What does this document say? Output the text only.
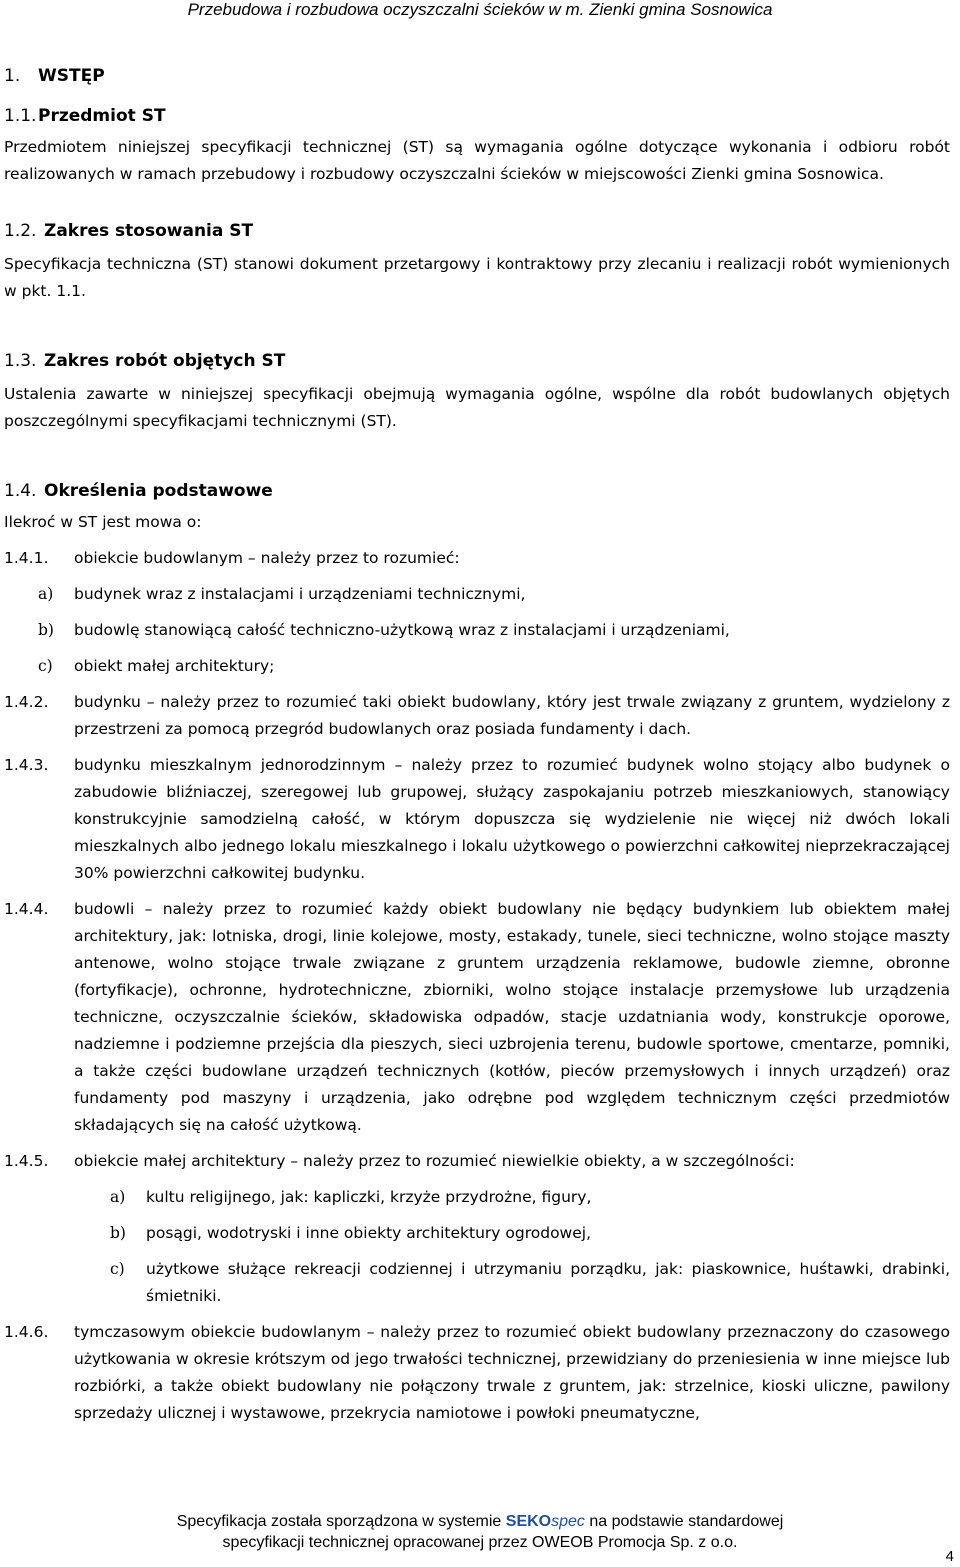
Przebudowa i rozbudowa oczyszczalni ścieków w m. Zienki gmina Sosnowica
1. WSTĘP
1.1.Przedmiot ST

Przedmiotem niniejszej specyfikacji technicznej (ST) są wymagania ogólne dotyczące wykonania i odbioru robót realizowanych w ramach przebudowy i rozbudowy oczyszczalni ścieków w miejscowości Zienki gmina Sosnowica.

1.2. Zakres stosowania ST

Specyfikacja techniczna (ST) stanowi dokument przetargowy i kontraktowy przy zlecaniu i realizacji robót wymienionych w pkt. 1.1.

1.3. Zakres robót objętych ST

Ustalenia zawarte w niniejszej specyfikacji obejmują wymagania ogólne, wspólne dla robót budowlanych objętych poszczególnymi specyfikacjami technicznymi (ST).

1.4. Określenia podstawowe

Ilekroć w ST jest mowa o:

1.4.1.	obiekcie budowlanym – należy przez to rozumieć:
a)	budynek wraz z instalacjami i urządzeniami technicznymi,
b)	budowlę stanowiącą całość techniczno-użytkową wraz z instalacjami i urządzeniami,
c)	obiekt małej architektury;
1.4.2.	budynku – należy przez to rozumieć taki obiekt budowlany, który jest trwale związany z gruntem, wydzielony z przestrzeni za pomocą przegród budowlanych oraz posiada fundamenty i dach.
1.4.3.	budynku mieszkalnym jednorodzinnym – należy przez to rozumieć budynek wolno stojący albo budynek o zabudowie bliźniaczej, szeregowej lub grupowej, służący zaspokajaniu potrzeb mieszkaniowych, stanowiący konstrukcyjnie samodzielną całość, w którym dopuszcza się wydzielenie nie więcej niż dwóch lokali mieszkalnych albo jednego lokalu mieszkalnego i lokalu użytkowego o powierzchni całkowitej nieprzekraczającej 30% powierzchni całkowitej budynku.
1.4.4.	budowli – należy przez to rozumieć każdy obiekt budowlany nie będący budynkiem lub obiektem małej architektury, jak: lotniska, drogi, linie kolejowe, mosty, estakady, tunele, sieci techniczne, wolno stojące maszty antenowe, wolno stojące trwale związane z gruntem urządzenia reklamowe, budowle ziemne, obronne (fortyfikacje), ochronne, hydrotechniczne, zbiorniki, wolno stojące instalacje przemysłowe lub urządzenia techniczne, oczyszczalnie ścieków, składowiska odpadów, stacje uzdatniania wody, konstrukcje oporowe, nadziemne i podziemne przejścia dla pieszych, sieci uzbrojenia terenu, budowle sportowe, cmentarze, pomniki, a także części budowlane urządzeń technicznych (kotłów, pieców przemysłowych i innych urządzeń) oraz fundamenty pod maszyny i urządzenia, jako odrębne pod względem technicznym części przedmiotów składających się na całość użytkową.
1.4.5.	obiekcie małej architektury – należy przez to rozumieć niewielkie obiekty, a w szczególności:
a)	kultu religijnego, jak: kapliczki, krzyże przydrożne, figury,
b)	posągi, wodotryski i inne obiekty architektury ogrodowej,
c)	użytkowe służące rekreacji codziennej i utrzymaniu porządku, jak: piaskownice, huśtawki, drabinki, śmietniki.
1.4.6.	tymczasowym obiekcie budowlanym – należy przez to rozumieć obiekt budowlany przeznaczony do czasowego użytkowania w okresie krótszym od jego trwałości technicznej, przewidziany do przeniesienia w inne miejsce lub rozbiórki, a także obiekt budowlany nie połączony trwale z gruntem, jak: strzelnice, kioski uliczne, pawilony sprzedaży ulicznej i wystawowe, przekrycia namiotowe i powłoki pneumatyczne,
Specyfikacja została sporządzona w systemie SEKOspec na podstawie standardowej
specyfikacji technicznej opracowanej przez OWEOB Promocja Sp. z o.o.
4
